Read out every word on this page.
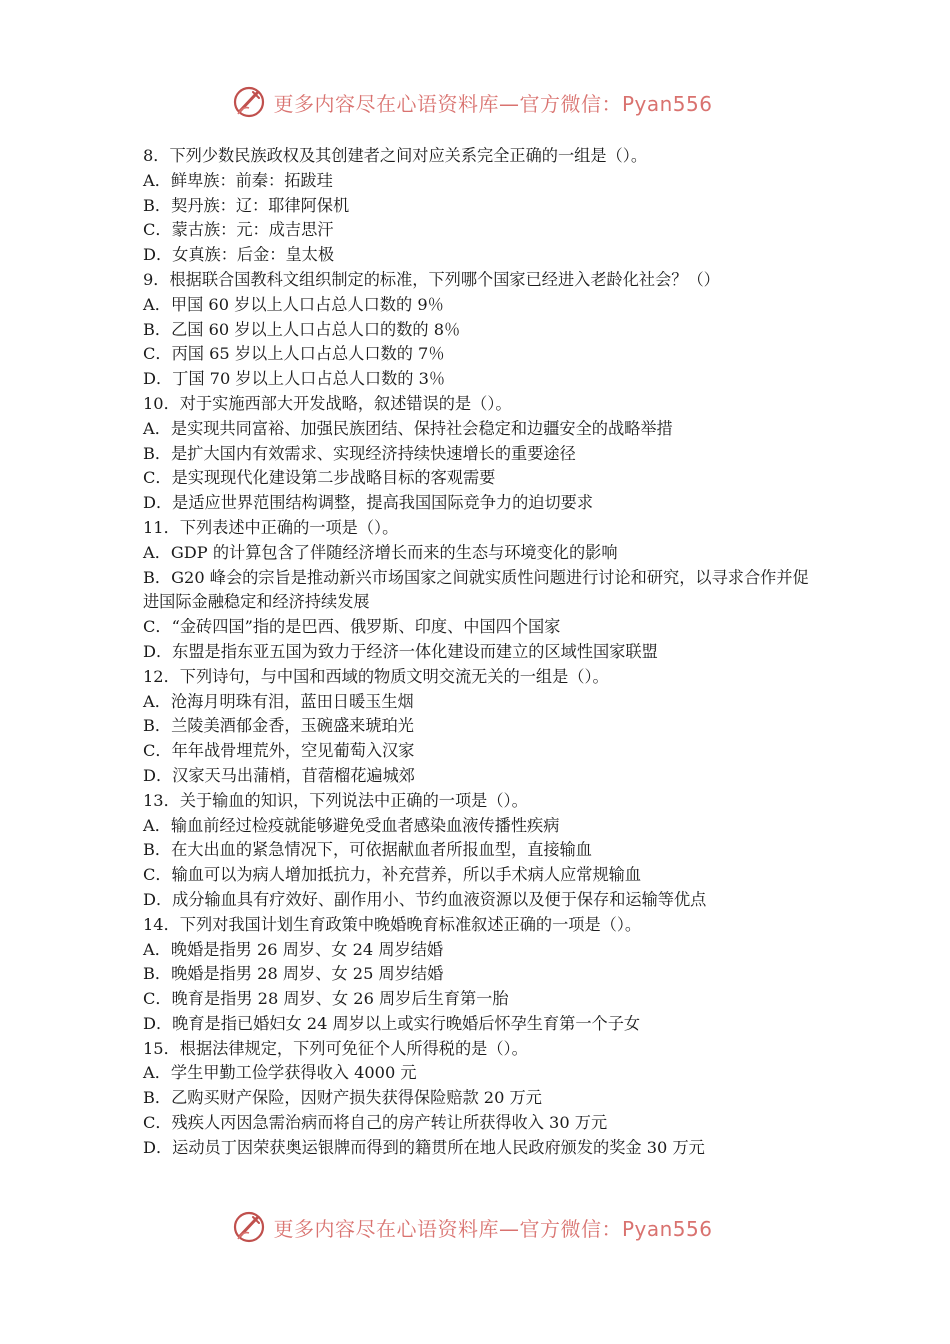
更多内容尽在心语资料库—官方微信：Pyan556
8．下列少数民族政权及其创建者之间对应关系完全正确的一组是（）。
A．鲜卑族：前秦：拓跋珪
B．契丹族：辽：耶律阿保机
C．蒙古族：元：成吉思汗
D．女真族：后金：皇太极
9．根据联合国教科文组织制定的标准，下列哪个国家已经进入老龄化社会？（）
A．甲国 60 岁以上人口占总人口数的 9％
B．乙国 60 岁以上人口占总人口的数的 8％
C．丙国 65 岁以上人口占总人口数的 7％
D．丁国 70 岁以上人口占总人口数的 3％
10．对于实施西部大开发战略，叙述错误的是（）。
A．是实现共同富裕、加强民族团结、保持社会稳定和边疆安全的战略举措
B．是扩大国内有效需求、实现经济持续快速增长的重要途径
C．是实现现代化建设第二步战略目标的客观需要
D．是适应世界范围结构调整，提高我国国际竞争力的迫切要求
11．下列表述中正确的一项是（）。
A．GDP 的计算包含了伴随经济增长而来的生态与环境变化的影响
B．G20 峰会的宗旨是推动新兴市场国家之间就实质性问题进行讨论和研究，以寻求合作并促进国际金融稳定和经济持续发展
C．“金砖四国”指的是巴西、俄罗斯、印度、中国四个国家
D．东盟是指东亚五国为致力于经济一体化建设而建立的区域性国家联盟
12．下列诗句，与中国和西域的物质文明交流无关的一组是（）。
A．沧海月明珠有泪，蓝田日暖玉生烟
B．兰陵美酒郁金香，玉碗盛来琥珀光
C．年年战骨埋荒外，空见葡萄入汉家
D．汉家天马出蒲梢，苜蓿榴花遍城郊
13．关于输血的知识，下列说法中正确的一项是（）。
A．输血前经过检疫就能够避免受血者感染血液传播性疾病
B．在大出血的紧急情况下，可依据献血者所报血型，直接输血
C．输血可以为病人增加抵抗力，补充营养，所以手术病人应常规输血
D．成分输血具有疗效好、副作用小、节约血液资源以及便于保存和运输等优点
14．下列对我国计划生育政策中晚婚晚育标准叙述正确的一项是（）。
A．晚婚是指男 26 周岁、女 24 周岁结婚
B．晚婚是指男 28 周岁、女 25 周岁结婚
C．晚育是指男 28 周岁、女 26 周岁后生育第一胎
D．晚育是指已婚妇女 24 周岁以上或实行晚婚后怀孕生育第一个子女
15．根据法律规定，下列可免征个人所得税的是（）。
A．学生甲勤工俭学获得收入 4000 元
B．乙购买财产保险，因财产损失获得保险赔款 20 万元
C．残疾人丙因急需治病而将自己的房产转让所获得收入 30 万元
D．运动员丁因荣获奥运银牌而得到的籍贯所在地人民政府颁发的奖金 30 万元
更多内容尽在心语资料库—官方微信：Pyan556
